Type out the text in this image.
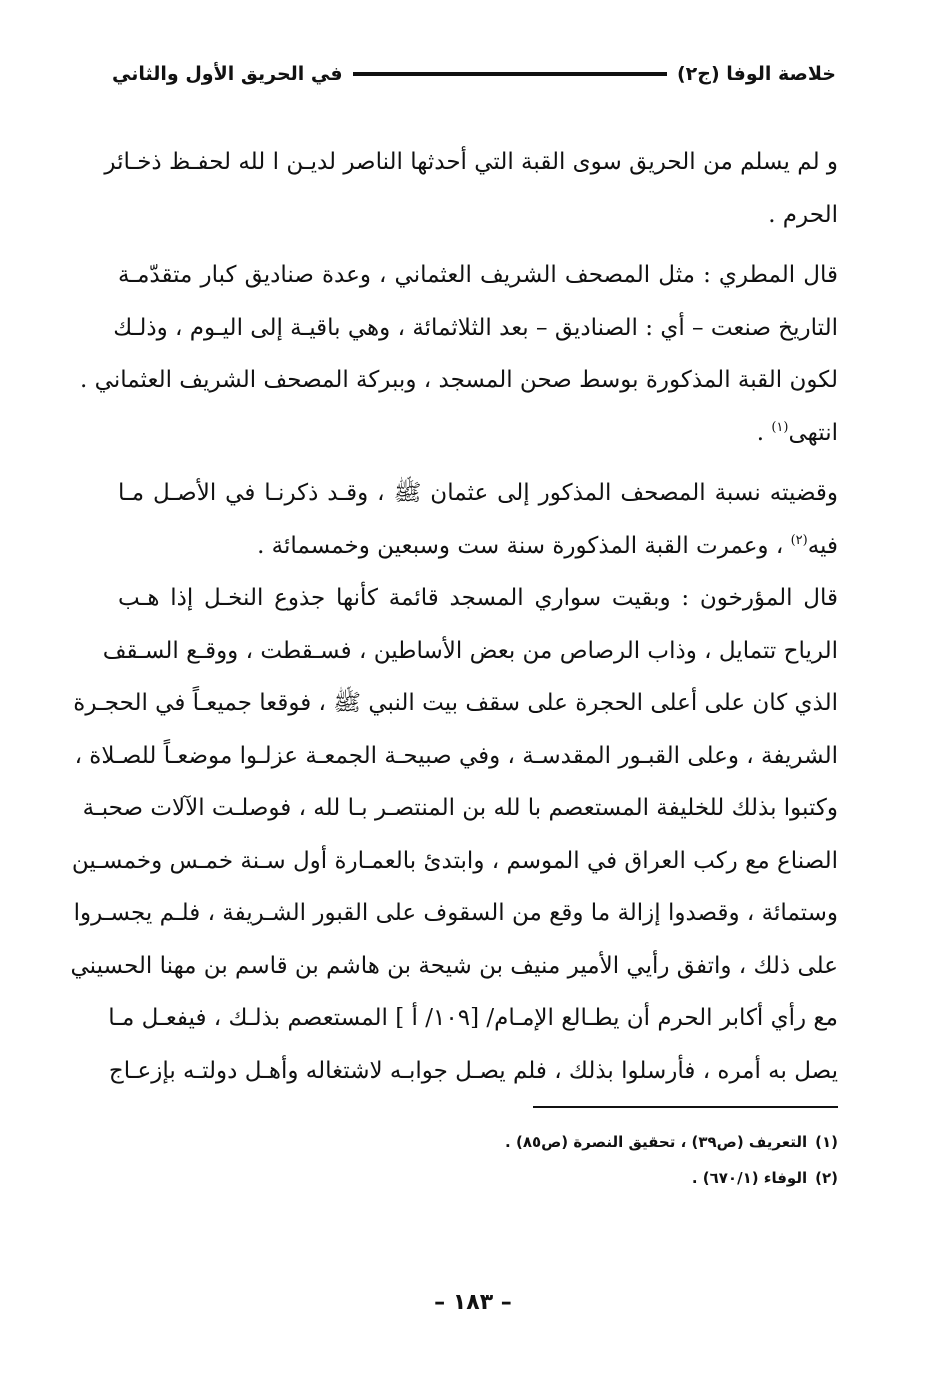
خلاصة الوفا (ج٢)
في الحريق الأول والثاني
و لم يسلم من الحريق سوى القبة التي أحدثها الناصر لديـن ا لله لحفـظ ذخـائر
الحرم .
قال المطري : مثل المصحف الشريف العثماني ، وعدة صناديق كبار متقدّمـة
التاريخ صنعت – أي : الصناديق – بعد الثلاثمائة ، وهي باقيـة إلى اليـوم ، وذلـك
لكون القبة المذكورة بوسط صحن المسجد ، وببركة المصحف الشريف العثماني .
انتهى$^{(١)}$ .
وقضيته نسبة المصحف المذكور إلى عثمان ﷺ ، وقـد ذكرنـا في الأصـل مـا
فيه$^{(٢)}$ ، وعمرت القبة المذكورة سنة ست وسبعين وخمسمائة .
قال المؤرخون : وبقيت سواري المسجد قائمة كأنها جذوع النخـل إذا هـب
الرياح تتمايل ، وذاب الرصاص من بعض الأساطين ، فسـقطت ، ووقـع السـقف
الذي كان على أعلى الحجرة على سقف بيت النبي ﷺ ، فوقعا جميعـاً في الحجـرة
الشريفة ، وعلى القبـور المقدسـة ، وفي صبيحـة الجمعـة عزلـوا موضعـاً للصـلاة ،
وكتبوا بذلك للخليفة المستعصم با لله بن المنتصـر بـا لله ، فوصلـت الآلات صحبـة
الصناع مع ركب العراق في الموسم ، وابتدئ بالعمـارة أول سـنة خمـس وخمسـين
وستمائة ، وقصدوا إزالة ما وقع من السقوف على القبور الشـريفة ، فلـم يجسـروا
على ذلك ، واتفق رأيي الأمير منيف بن شيحة بن هاشم بن قاسم بن مهنا الحسيني
مع رأي أكابر الحرم أن يطـالع الإمـام/ [١٠٩/ أ ] المستعصم بذلـك ، فيفعـل مـا
يصل به أمره ، فأرسلوا بذلك ، فلم يصـل جوابـه لاشتغاله وأهـل دولتـه بإزعـاج
(١)التعريف (ص٣٩) ، تحقيق النصرة (ص٨٥) .
(٢)الوفاء (٦٧٠/١) .
– ١٨٣ –
